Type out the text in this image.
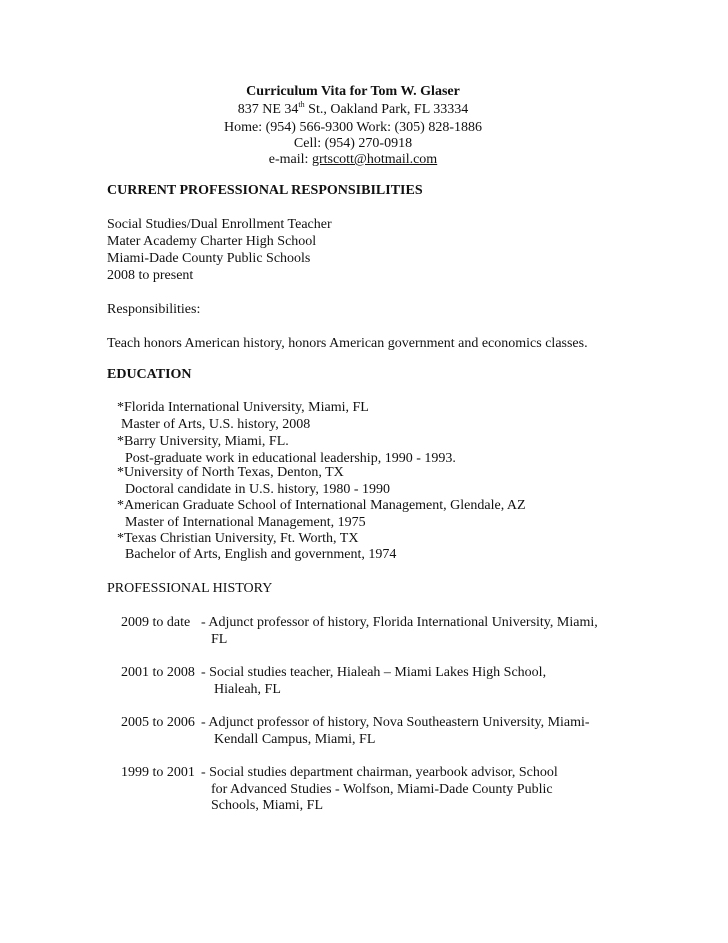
Curriculum Vita for Tom W. Glaser
837 NE 34th St., Oakland Park, FL 33334
Home: (954) 566-9300 Work: (305) 828-1886
Cell: (954) 270-0918
e-mail: grtscott@hotmail.com
CURRENT PROFESSIONAL RESPONSIBILITIES
Social Studies/Dual Enrollment Teacher
Mater Academy Charter High School
Miami-Dade County Public Schools
2008 to present
Responsibilities:
Teach honors American history, honors American government and economics classes.
EDUCATION
*Florida International University, Miami, FL
Master of Arts, U.S. history, 2008
*Barry University, Miami, FL.
Post-graduate work in educational leadership, 1990 - 1993.
*University of North Texas, Denton, TX
Doctoral candidate in U.S. history, 1980 - 1990
*American Graduate School of International Management, Glendale, AZ
Master of International Management, 1975
*Texas Christian University, Ft. Worth, TX
Bachelor of Arts, English and government, 1974
PROFESSIONAL HISTORY
2009 to date - Adjunct professor of history, Florida International University, Miami,
FL
2001 to 2008 - Social studies teacher, Hialeah – Miami Lakes High School,
Hialeah, FL
2005 to 2006 - Adjunct professor of history, Nova Southeastern University, Miami-
Kendall Campus, Miami, FL
1999 to 2001 - Social studies department chairman, yearbook advisor, School
for Advanced Studies - Wolfson, Miami-Dade County Public
Schools, Miami, FL
